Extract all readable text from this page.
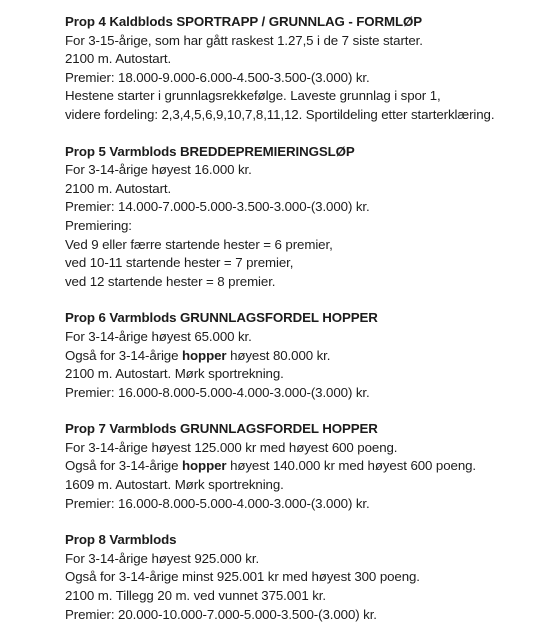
Prop 4 Kaldblods SPORTRAPP / GRUNNLAG - FORMLØP
For 3-15-årige, som har gått raskest 1.27,5 i de 7 siste starter.
2100 m. Autostart.
Premier: 18.000-9.000-6.000-4.500-3.500-(3.000) kr.
Hestene starter i grunnlagsrekkefølge. Laveste grunnlag i spor 1,
videre fordeling: 2,3,4,5,6,9,10,7,8,11,12. Sportildeling etter starterklæring.
Prop 5 Varmblods BREDDEPREMIERINGSLØP
For 3-14-årige høyest 16.000 kr.
2100 m. Autostart.
Premier: 14.000-7.000-5.000-3.500-3.000-(3.000) kr.
Premiering:
Ved 9 eller færre startende hester = 6 premier,
ved 10-11 startende hester = 7 premier,
ved 12 startende hester = 8 premier.
Prop 6 Varmblods GRUNNLAGSFORDEL HOPPER
For 3-14-årige høyest 65.000 kr.
Også for 3-14-årige hopper høyest 80.000 kr.
2100 m. Autostart. Mørk sportrekning.
Premier: 16.000-8.000-5.000-4.000-3.000-(3.000) kr.
Prop 7 Varmblods GRUNNLAGSFORDEL HOPPER
For 3-14-årige høyest 125.000 kr med høyest 600 poeng.
Også for 3-14-årige hopper høyest 140.000 kr med høyest 600 poeng.
1609 m. Autostart. Mørk sportrekning.
Premier: 16.000-8.000-5.000-4.000-3.000-(3.000) kr.
Prop 8 Varmblods
For 3-14-årige høyest 925.000 kr.
Også for 3-14-årige minst 925.001 kr med høyest 300 poeng.
2100 m. Tillegg 20 m. ved vunnet 375.001 kr.
Premier: 20.000-10.000-7.000-5.000-3.500-(3.000) kr.
